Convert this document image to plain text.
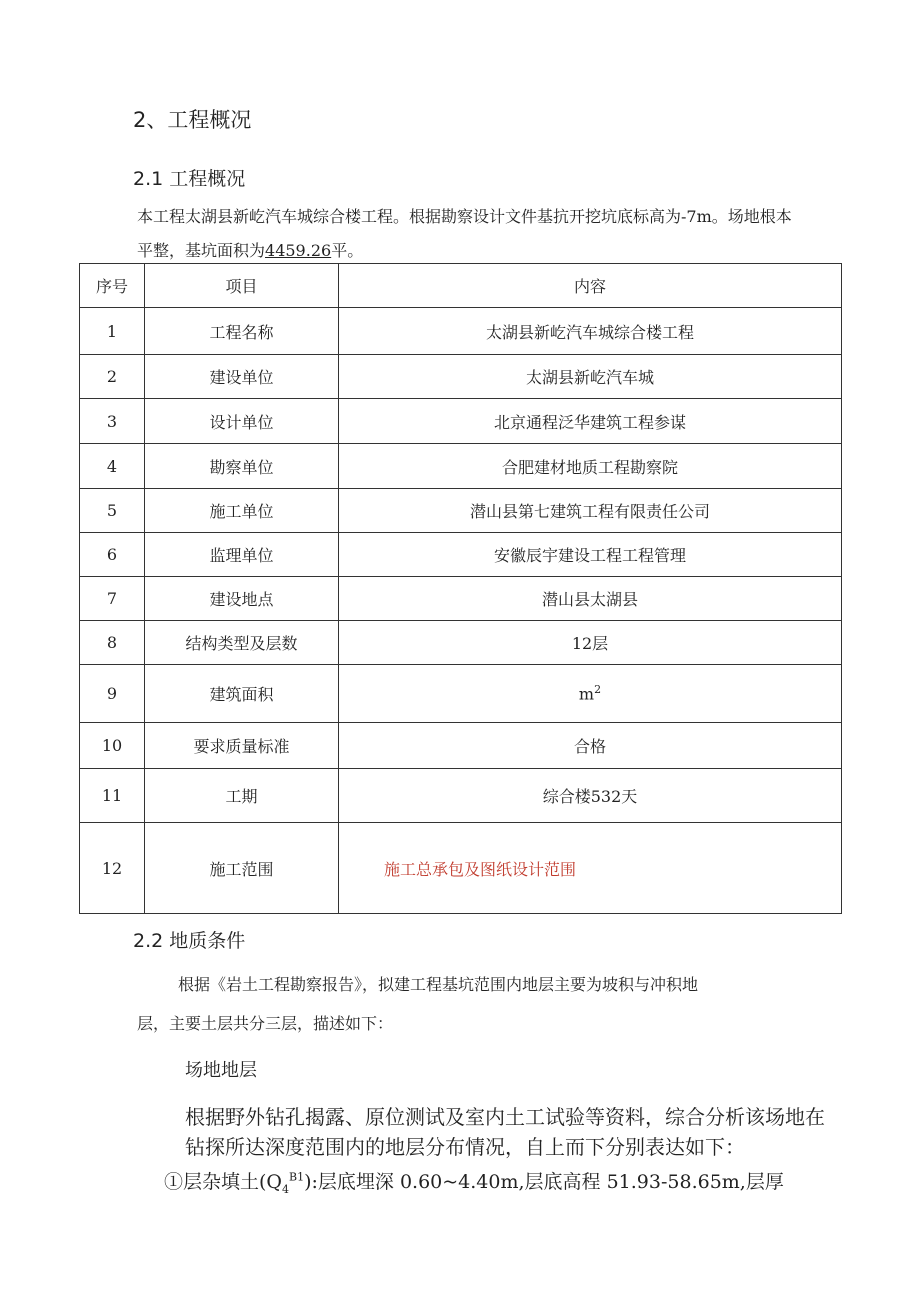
2、工程概况
2.1 工程概况
本工程太湖县新屹汽车城综合楼工程。根据勘察设计文件基抗开挖坑底标高为-7m。场地根本
平整，基坑面积为4459.26平。
序号	项目	内容
1	工程名称	太湖县新屹汽车城综合楼工程
2	建设单位	太湖县新屹汽车城
3	设计单位	北京通程泛华建筑工程参谋
4	勘察单位	合肥建材地质工程勘察院
5	施工单位	潜山县第七建筑工程有限责任公司
6	监理单位	安徽辰宇建设工程工程管理
7	建设地点	潜山县太湖县
8	结构类型及层数	12层
9	建筑面积	$m^2$
10	要求质量标准	合格
11	工期	综合楼532天
12	施工范围	施工总承包及图纸设计范围
2.2 地质条件
根据《岩土工程勘察报告》，拟建工程基坑范围内地层主要为坡积与冲积地
层，主要土层共分三层，描述如下：
场地地层
根据野外钻孔揭露、原位测试及室内土工试验等资料，综合分析该场地在
钻探所达深度范围内的地层分布情况，自上而下分别表达如下：
①层杂填土$(Q_4^{B1})$:层底埋深 0.60~4.40m,层底高程 51.93-58.65m,层厚
